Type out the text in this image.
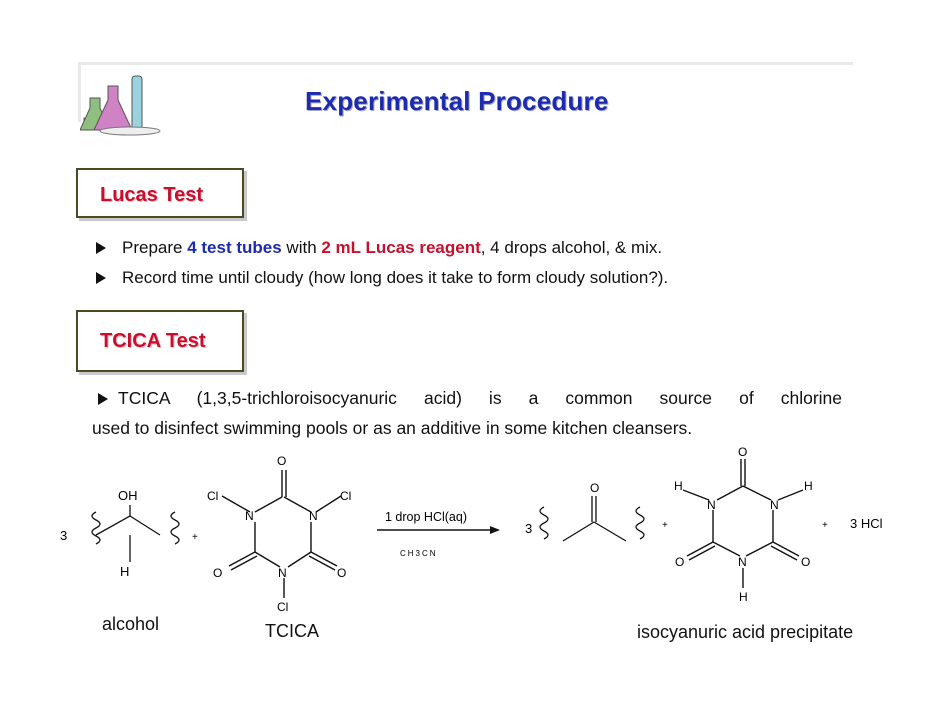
Experimental Procedure
Lucas Test
Prepare 4 test tubes with 2 mL Lucas reagent, 4 drops alcohol, & mix.
Record time until cloudy (how long does it take to form cloudy solution?).
TCICA Test
TCICA (1,3,5-trichloroisocyanuric acid) is a common source of chlorine
used to disinfect swimming pools or as an additive in some kitchen cleansers.
3
OH
H
+
O
Cl	Cl
N	N
N
O	O
Cl
1 drop HCl(aq)
CH3CN
3
O
+
O
H	H
N	N
N
O	O
H
+ 3 HCl
alcohol	TCICA	isocyanuric acid precipitate
